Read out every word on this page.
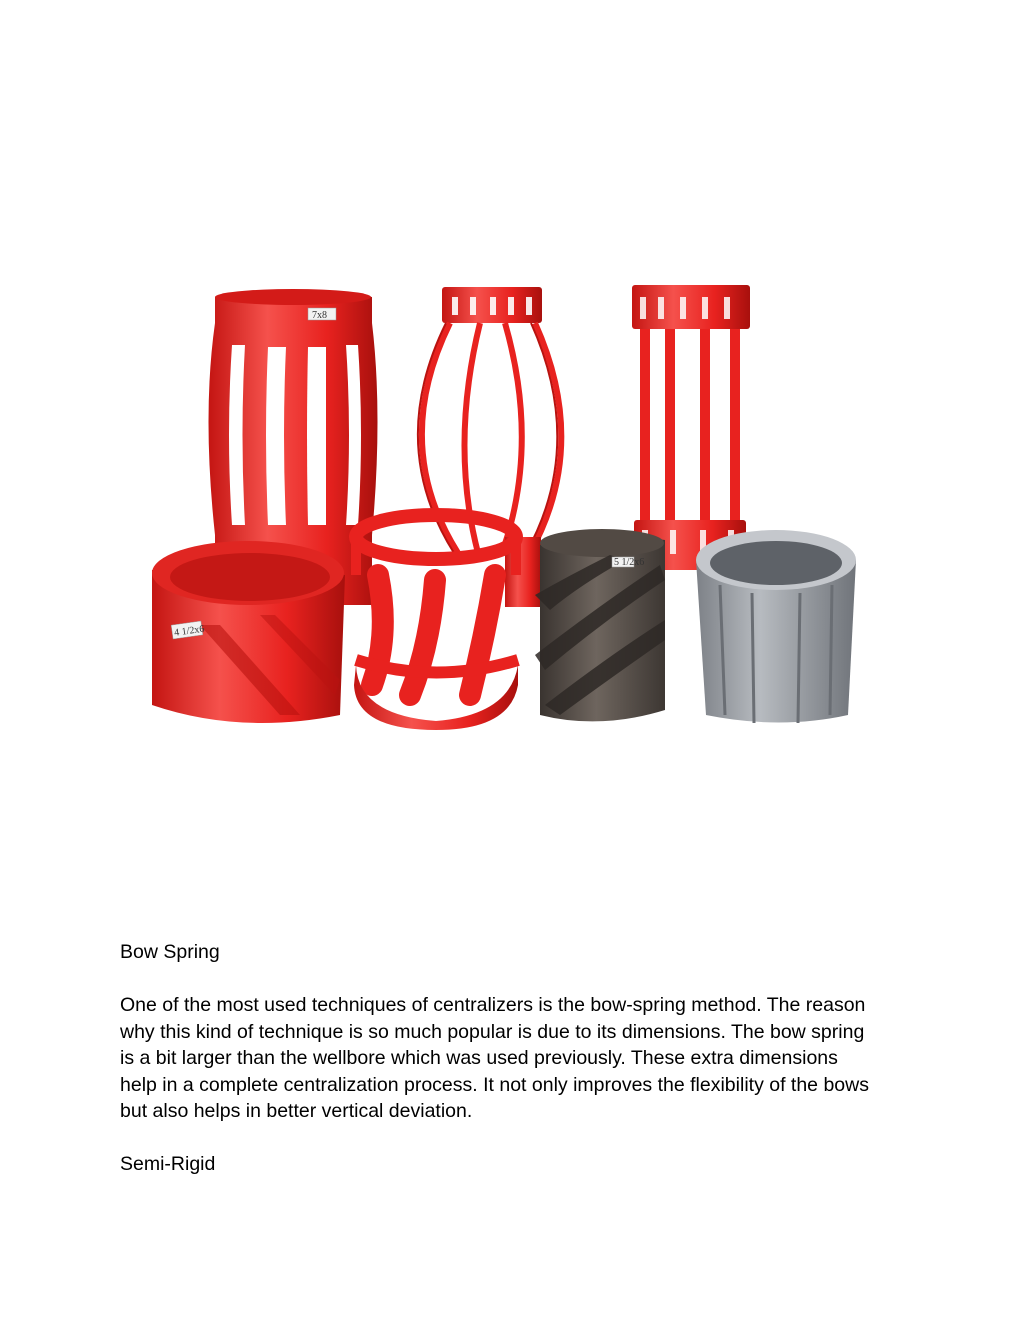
7x8
4 1/2x6
5 1/2x6
Bow Spring
One of the most used techniques of centralizers is the bow-spring method. The reason
why this kind of technique is so much popular is due to its dimensions. The bow spring
is a bit larger than the wellbore which was used previously. These extra dimensions
help in a complete centralization process. It not only improves the flexibility of the bows
but also helps in better vertical deviation.
Semi-Rigid
